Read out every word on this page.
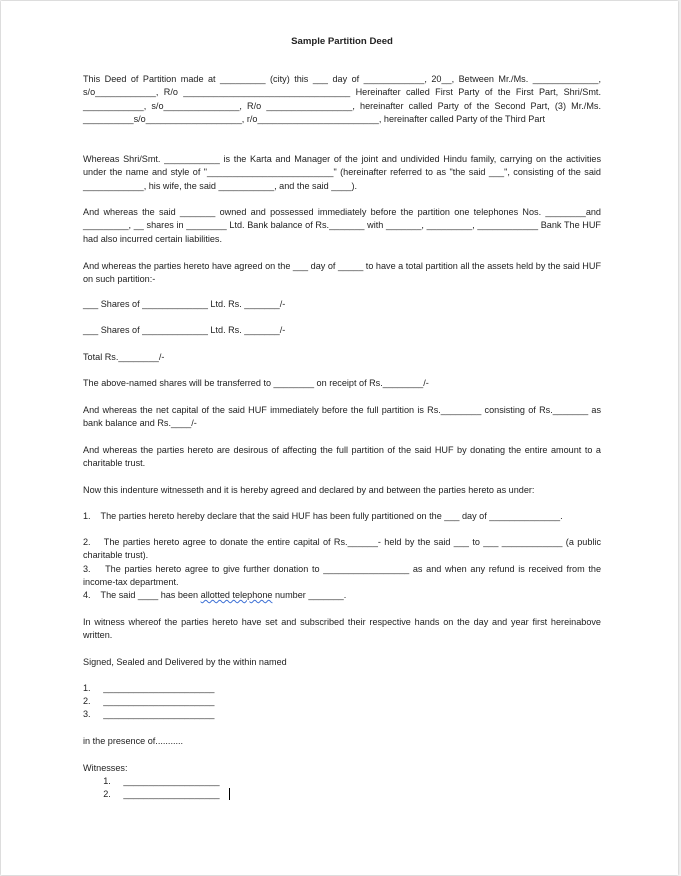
Sample Partition Deed

This Deed of Partition made at _________ (city) this ___ day of ____________, 20__, Between Mr./Ms. _____________, s/o____________, R/o _________________________________ Hereinafter called First Party of the First Part, Shri/Smt. ____________, s/o_______________, R/o _________________, hereinafter called Party of the Second Part, (3) Mr./Ms. __________s/o___________________, r/o________________________, hereinafter called Party of the Third Part

Whereas Shri/Smt. ___________ is the Karta and Manager of the joint and undivided Hindu family, carrying on the activities under the name and style of "_________________________" (hereinafter referred to as "the said ___", consisting of the said ____________, his wife, the said ___________, and the said ____).

And whereas the said _______ owned and possessed immediately before the partition one telephones Nos. ________and _________, __ shares in ________ Ltd. Bank balance of Rs._______ with _______, _________, ____________ Bank The HUF had also incurred certain liabilities.

And whereas the parties hereto have agreed on the ___ day of _____ to have a total partition all the assets held by the said HUF on such partition:-

___ Shares of _____________ Ltd. Rs. _______/-

___ Shares of _____________ Ltd. Rs. _______/-

Total Rs.________/-

The above-named shares will be transferred to ________ on receipt of Rs.________/-

And whereas the net capital of the said HUF immediately before the full partition is Rs.________ consisting of Rs._______ as bank balance and Rs.____/-

And whereas the parties hereto are desirous of affecting the full partition of the said HUF by donating the entire amount to a charitable trust.

Now this indenture witnesseth and it is hereby agreed and declared by and between the parties hereto as under:

1.    The parties hereto hereby declare that the said HUF has been fully partitioned on the ___ day of ______________.

2.    The parties hereto agree to donate the entire capital of Rs.______- held by the said ___ to ___ ____________ (a public charitable trust).

3.    The parties hereto agree to give further donation to _________________ as and when any refund is received from the income-tax department.

4.    The said ____ has been allotted telephone number _______.

In witness whereof the parties hereto have set and subscribed their respective hands on the day and year first hereinabove written.

Signed, Sealed and Delivered by the within named

1.     ______________________

2.     ______________________

3.     ______________________

in the presence of...........

Witnesses:

1.     ___________________

2.     ___________________
